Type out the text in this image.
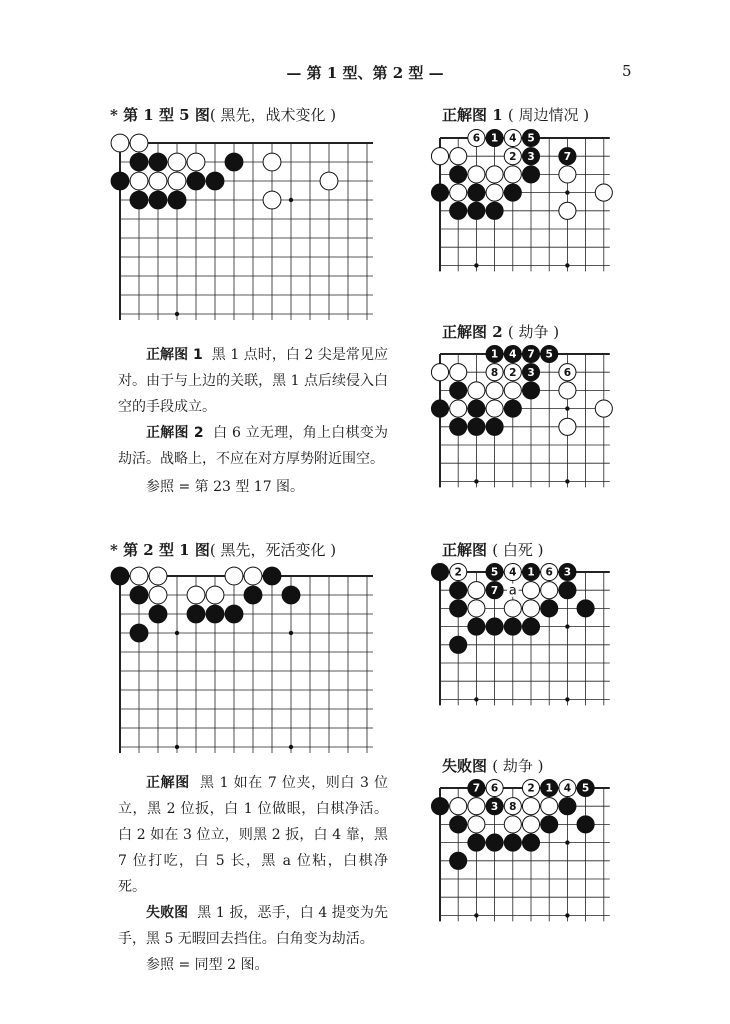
— 第 1 型、第 2 型 —	5
* 第 1 型 5 图( 黑先，战术变化 )

正解图 1 黑 1 点时，白 2 尖是常见应对。由于与上边的关联，黑 1 点后续侵入白空的手段成立。

正解图 2 白 6 立无理，角上白棋变为劫活。战略上，不应在对方厚势附近围空。

参照 = 第 23 型 17 图。

* 第 2 型 1 图( 黑先，死活变化 )

正解图 黑 1 如在 7 位夹，则白 3 位立，黑 2 位扳，白 1 位做眼，白棋净活。白 2 如在 3 位立，则黑 2 扳，白 4 靠，黑 7 位打吃，白 5 长，黑 a 位粘，白棋净死。

失败图 黑 1 扳，恶手，白 4 提变为先手，黑 5 无暇回去挡住。白角变为劫活。

参照 = 同型 2 图。

正解图 1 ( 周边情况 )
6 1 4 5
2 3	7
正解图 2 ( 劫争 )
1 4 7 5
8 2 3	6
正解图 ( 白死 )
2	5 4 1 6 3
7 a
失败图 ( 劫争 )
7 6	2 1 4 5
3 8
